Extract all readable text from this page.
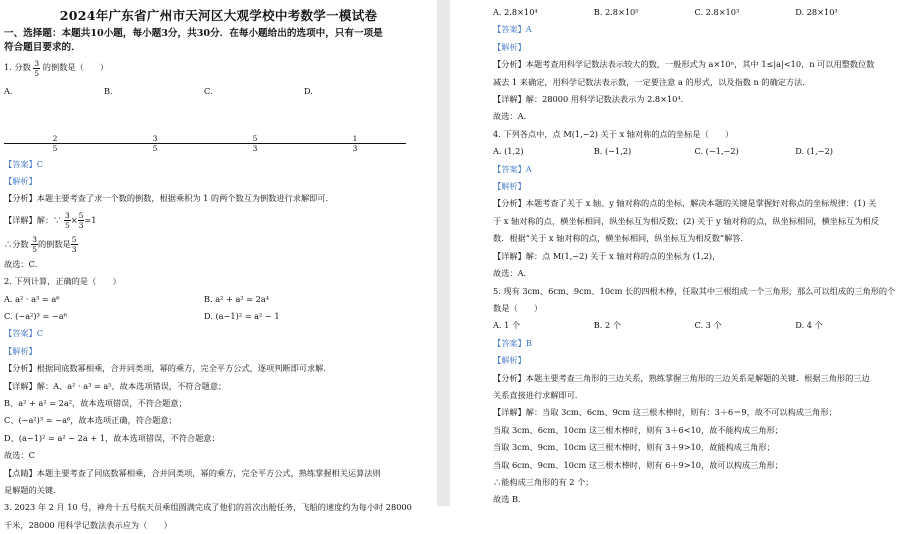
2024年广东省广州市天河区大观学校中考数学一模试卷
一、选择题：本题共10小题，每小题3分，共30分．在每小题给出的选项中，只有一项是
符合题目要求的．
1. 分数 $\frac{3}{5}$ 的倒数是（　　）
A.
$\frac{2}{5}$
B.
$\frac{3}{5}$
C.
$\frac{5}{3}$
D.
$\frac{1}{3}$
【答案】C
【解析】
【分析】本题主要考查了求一个数的倒数，根据乘积为 1 的两个数互为倒数进行求解即可．
【详解】解：∵ $\frac{3}{5} \times \frac{5}{3} =1$
∴分数 $\frac{3}{5}$ 的倒数是 $\frac{5}{3}$
故选：C．
2. 下列计算，正确的是（　　）
A. a² · a³ = a⁶	B. a² + a² = 2a⁴
C. (−a²)³ = −a⁶	D. (a−1)² = a² − 1
【答案】C
【解析】
【分析】根据同底数幂相乘，合并同类项，幂的乘方，完全平方公式，逐项判断即可求解．
【详解】解：A、a² · a³ = a⁵，故本选项错误，不符合题意；
B、a² + a² = 2a²，故本选项错误，不符合题意；
C、(−a²)³ = −a⁶，故本选项正确，符合题意；
D、(a−1)² = a² − 2a + 1，故本选项错误，不符合题意；
故选：C
【点睛】本题主要考查了同底数幂相乘，合并同类项，幂的乘方，完全平方公式，熟练掌握相关运算法则
是解题的关键．
3. 2023 年 2 月 10 号，神舟十五号航天员乘组圆满完成了他们的首次出舱任务，飞船的速度约为每小时 28000
千米，28000 用科学记数法表示应为（　　）
A. 2.8×10⁴	B. 2.8×10⁵	C. 2.8×10³	D. 28×10³
【答案】A
【解析】
【分析】本题考查用科学记数法表示较大的数，一般形式为 a×10ⁿ，其中 1≤|a|<10，n 可以用整数位数
减去 1 来确定，用科学记数法表示数，一定要注意 a 的形式，以及指数 n 的确定方法．
【详解】解：28000 用科学记数法表示为 2.8×10⁴．
故选：A．
4. 下列各点中，点 M(1,−2) 关于 x 轴对称的点的坐标是（　　）
A. (1,2)	B. (−1,2)	C. (−1,−2)	D. (1,−2)
【答案】A
【解析】
【分析】本题考查了关于 x 轴、y 轴对称的点的坐标，解决本题的关键是掌握好对称点的坐标规律：(1) 关
于 x 轴对称的点，横坐标相同，纵坐标互为相反数；(2) 关于 y 轴对称的点，纵坐标相同，横坐标互为相反
数．根据“关于 x 轴对称的点，横坐标相同，纵坐标互为相反数”解答．
【详解】解：点 M(1,−2) 关于 x 轴对称的点的坐标为 (1,2)，
故选：A．
5. 现有 3cm、6cm、9cm、10cm 长的四根木棒，任取其中三根组成一个三角形，那么可以组成的三角形的个
数是（　　）
A. 1 个	B. 2 个	C. 3 个	D. 4 个
【答案】B
【解析】
【分析】本题主要考查三角形的三边关系，熟练掌握三角形的三边关系是解题的关键．根据三角形的三边
关系直接进行求解即可．
【详解】解：当取 3cm、6cm、9cm 这三根木棒时，则有：3＋6＝9，故不可以构成三角形；
当取 3cm、6cm、10cm 这三根木棒时，则有 3＋6<10，故不能构成三角形；
当取 3cm、9cm、10cm 这三根木棒时，则有 3＋9>10，故能构成三角形；
当取 6cm、9cm、10cm 这三根木棒时，则有 6＋9>10，故可以构成三角形；
∴能构成三角形的有 2 个；
故选 B．
